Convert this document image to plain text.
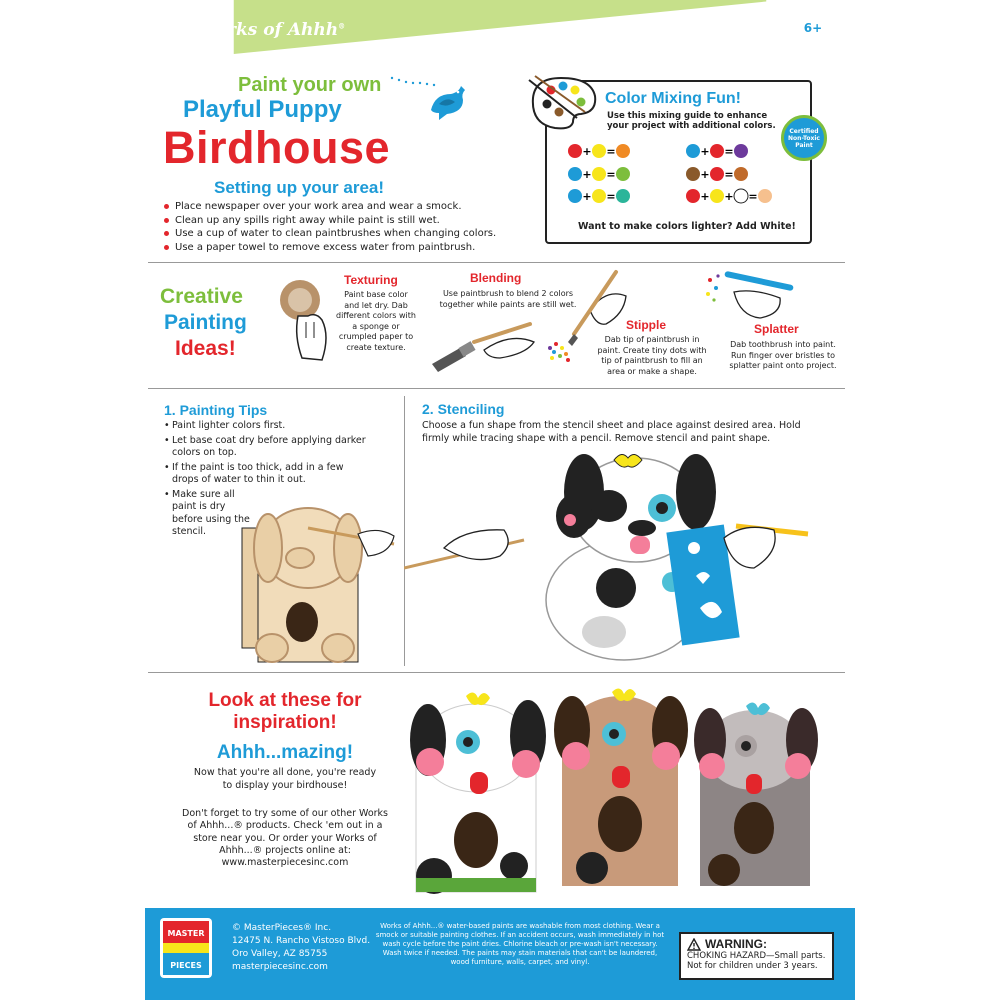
Works of Ahhh®	6+
Paint your own
Playful Puppy
Birdhouse
Setting up your area!
Place newspaper over your work area and wear a smock.
Clean up any spills right away while paint is still wet.
Use a cup of water to clean paintbrushes when changing colors.
Use a paper towel to remove excess water from paintbrush.
Color Mixing Fun!
Use this mixing guide to enhance your project with additional colors.	Certified Non-Toxic Paint
+ =
+ =
+ =
+ =
+ =
+ + =
Want to make colors lighter? Add White!
Creative
Painting
Ideas!
Texturing
Paint base color and let dry. Dab different colors with a sponge or crumpled paper to create texture.
Blending
Use paintbrush to blend 2 colors together while paints are still wet.
Stipple
Dab tip of paintbrush in paint. Create tiny dots with tip of paintbrush to fill an area or make a shape.
Splatter
Dab toothbrush into paint. Run finger over bristles to splatter paint onto project.
1. Painting Tips
• Paint lighter colors first.
• Let base coat dry before applying darker colors on top.
• If the paint is too thick, add in a few drops of water to thin it out.
• Make sure all paint is dry before using the stencil.
2. Stenciling
Choose a fun shape from the stencil sheet and place against desired area. Hold firmly while tracing shape with a pencil. Remove stencil and paint shape.
Look at these for inspiration!
Ahhh...mazing!
Now that you're all done, you're ready to display your birdhouse!
Don't forget to try some of our other Works of Ahhh...® products. Check 'em out in a store near you. Or order your Works of Ahhh...® projects online at: www.masterpiecesinc.com
MASTER
PIECES
© MasterPieces® Inc.
12475 N. Rancho Vistoso Blvd.
Oro Valley, AZ 85755
masterpiecesinc.com
Works of Ahhh...® water-based paints are washable from most clothing. Wear a smock or suitable painting clothes. If an accident occurs, wash immediately in hot wash cycle before the paint dries. Chlorine bleach or pre-wash isn't necessary. Wash twice if needed. The paints may stain materials that can't be laundered, wood furniture, walls, carpet, and vinyl.
WARNING:
CHOKING HAZARD—Small parts.
Not for children under 3 years.
